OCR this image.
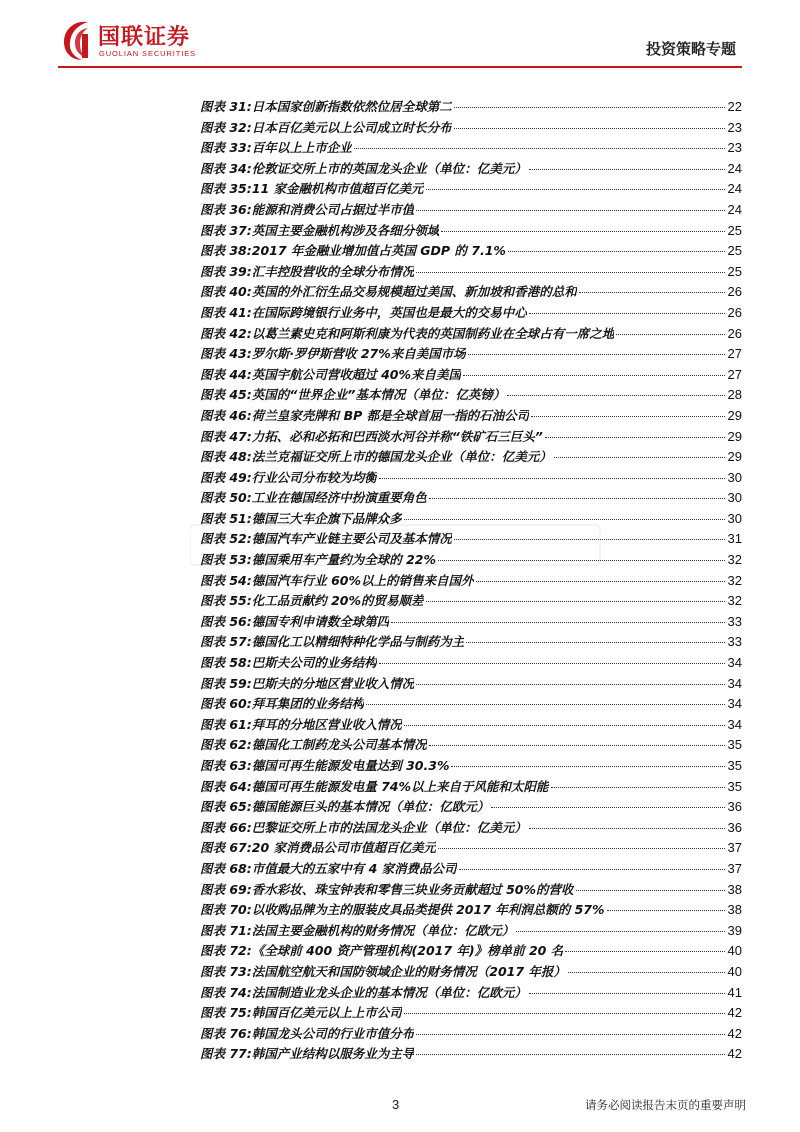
国联证券
GUOLIAN SECURITIES	投资策略专题
图表 31: 日本国家创新指数依然位居全球第二	22
图表 32: 日本百亿美元以上公司成立时长分布	23
图表 33: 百年以上上市企业	23
图表 34: 伦敦证交所上市的英国龙头企业（单位：亿美元）	24
图表 35: 11 家金融机构市值超百亿美元	24
图表 36: 能源和消费公司占据过半市值	24
图表 37: 英国主要金融机构涉及各细分领域	25
图表 38: 2017 年金融业增加值占英国 GDP 的 7.1%	25
图表 39: 汇丰控股营收的全球分布情况	25
图表 40: 英国的外汇衍生品交易规模超过美国、新加坡和香港的总和	26
图表 41: 在国际跨境银行业务中，英国也是最大的交易中心	26
图表 42: 以葛兰素史克和阿斯利康为代表的英国制药业在全球占有一席之地	26
图表 43: 罗尔斯·罗伊斯营收 27%来自美国市场	27
图表 44: 英国宇航公司营收超过 40%来自美国	27
图表 45: 英国的“世界企业”基本情况（单位：亿英镑）	28
图表 46: 荷兰皇家壳牌和 BP 都是全球首屈一指的石油公司	29
图表 47: 力拓、必和必拓和巴西淡水河谷并称“铁矿石三巨头”	29
图表 48: 法兰克福证交所上市的德国龙头企业（单位：亿美元）	29
图表 49: 行业公司分布较为均衡	30
图表 50: 工业在德国经济中扮演重要角色	30
图表 51: 德国三大车企旗下品牌众多	30
图表 52: 德国汽车产业链主要公司及基本情况	31
图表 53: 德国乘用车产量约为全球的 22%	32
图表 54: 德国汽车行业 60%以上的销售来自国外	32
图表 55: 化工品贡献约 20%的贸易顺差	32
图表 56: 德国专利申请数全球第四	33
图表 57: 德国化工以精细特种化学品与制药为主	33
图表 58: 巴斯夫公司的业务结构	34
图表 59: 巴斯夫的分地区营业收入情况	34
图表 60: 拜耳集团的业务结构	34
图表 61: 拜耳的分地区营业收入情况	34
图表 62: 德国化工制药龙头公司基本情况	35
图表 63: 德国可再生能源发电量达到 30.3%	35
图表 64: 德国可再生能源发电量 74%以上来自于风能和太阳能	35
图表 65: 德国能源巨头的基本情况（单位：亿欧元）	36
图表 66: 巴黎证交所上市的法国龙头企业（单位：亿美元）	36
图表 67: 20 家消费品公司市值超百亿美元	37
图表 68: 市值最大的五家中有 4 家消费品公司	37
图表 69: 香水彩妆、珠宝钟表和零售三块业务贡献超过 50%的营收	38
图表 70: 以收购品牌为主的服装皮具品类提供 2017 年利润总额的 57%	38
图表 71: 法国主要金融机构的财务情况（单位：亿欧元）	39
图表 72: 《全球前 400 资产管理机构(2017 年)》榜单前 20 名	40
图表 73: 法国航空航天和国防领域企业的财务情况（2017 年报）	40
图表 74: 法国制造业龙头企业的基本情况（单位：亿欧元）	41
图表 75: 韩国百亿美元以上上市公司	42
图表 76: 韩国龙头公司的行业市值分布	42
图表 77: 韩国产业结构以服务业为主导	42
3	请务必阅读报告末页的重要声明
